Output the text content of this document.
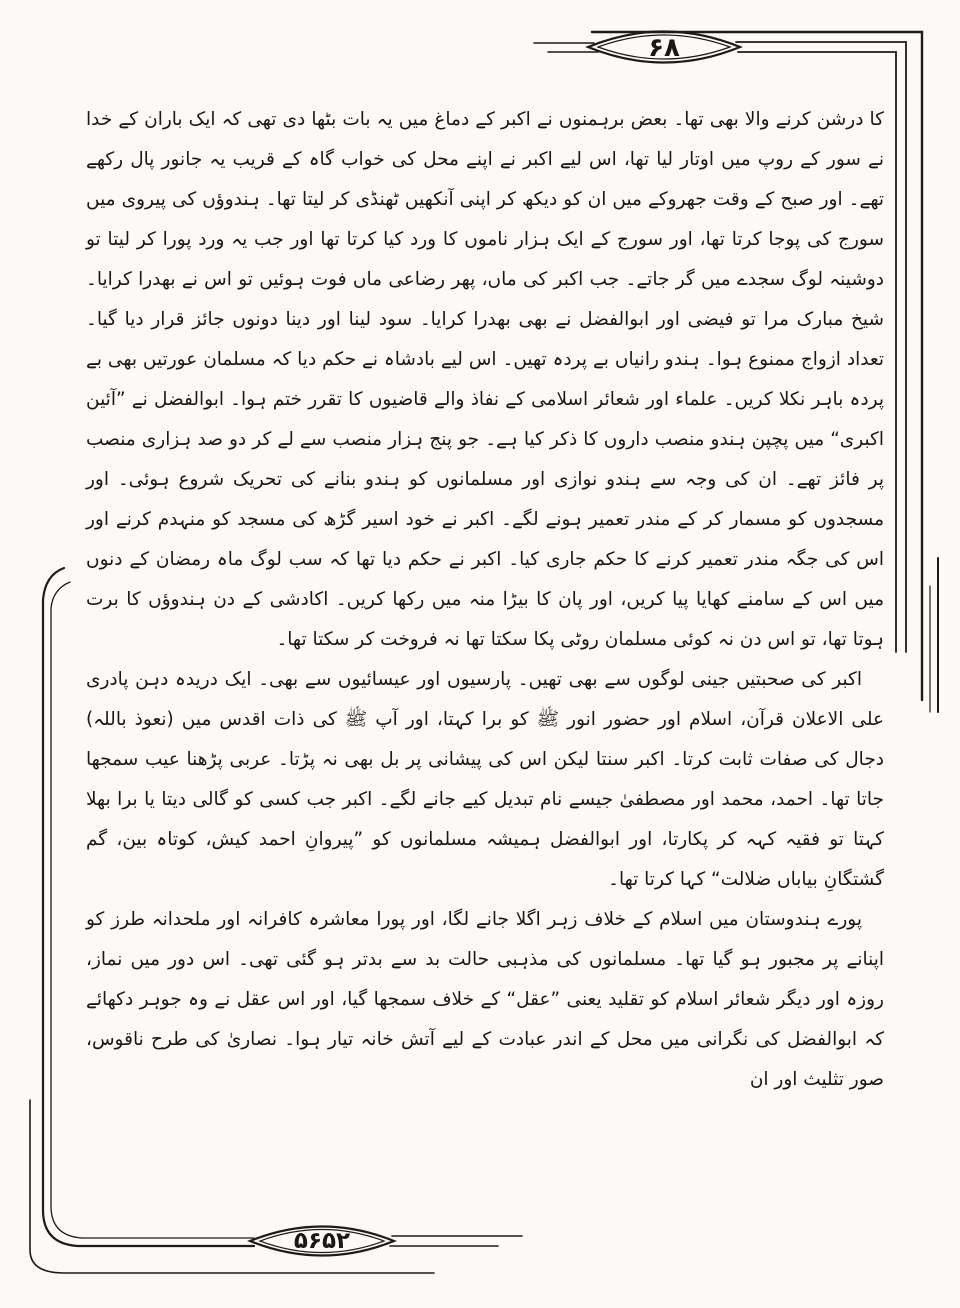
۶۸

کا درشن کرنے والا بھی تھا۔ بعض برہمنوں نے اکبر کے دماغ میں یہ بات بٹھا دی تھی کہ ایک باران کے خدا نے سور کے روپ میں اوتار لیا تھا، اس لیے اکبر نے اپنے محل کی خواب گاہ کے قریب یہ جانور پال رکھے تھے۔ اور صبح کے وقت جھروکے میں ان کو دیکھ کر اپنی آنکھیں ٹھنڈی کر لیتا تھا۔ ہندوؤں کی پیروی میں سورج کی پوجا کرتا تھا، اور سورج کے ایک ہزار ناموں کا ورد کیا کرتا تھا اور جب یہ ورد پورا کر لیتا تو دوشینہ لوگ سجدے میں گر جاتے۔ جب اکبر کی ماں، پھر رضاعی ماں فوت ہوئیں تو اس نے بھدرا کرایا۔ شیخ مبارک مرا تو فیضی اور ابوالفضل نے بھی بھدرا کرایا۔ سود لینا اور دینا دونوں جائز قرار دیا گیا۔ تعداد ازواج ممنوع ہوا۔ ہندو رانیاں بے پردہ تھیں۔ اس لیے بادشاہ نے حکم دیا کہ مسلمان عورتیں بھی بے پردہ باہر نکلا کریں۔ علماء اور شعائر اسلامی کے نفاذ والے قاضیوں کا تقرر ختم ہوا۔ ابوالفضل نے ”آئین اکبری“ میں پچپن ہندو منصب داروں کا ذکر کیا ہے۔ جو پنج ہزار منصب سے لے کر دو صد ہزاری منصب پر فائز تھے۔ ان کی وجہ سے ہندو نوازی اور مسلمانوں کو ہندو بنانے کی تحریک شروع ہوئی۔ اور مسجدوں کو مسمار کر کے مندر تعمیر ہونے لگے۔ اکبر نے خود اسیر گڑھ کی مسجد کو منہدم کرنے اور اس کی جگہ مندر تعمیر کرنے کا حکم جاری کیا۔ اکبر نے حکم دیا تھا کہ سب لوگ ماہ رمضان کے دنوں میں اس کے سامنے کھایا پیا کریں، اور پان کا بیڑا منہ میں رکھا کریں۔ اکادشی کے دن ہندوؤں کا برت ہوتا تھا، تو اس دن نہ کوئی مسلمان روٹی پکا سکتا تھا نہ فروخت کر سکتا تھا۔

اکبر کی صحبتیں جینی لوگوں سے بھی تھیں۔ پارسیوں اور عیسائیوں سے بھی۔ ایک دریدہ دہن پادری علی الاعلان قرآن، اسلام اور حضور انور ﷺ کو برا کہتا، اور آپ ﷺ کی ذات اقدس میں (نعوذ باللہ) دجال کی صفات ثابت کرتا۔ اکبر سنتا لیکن اس کی پیشانی پر بل بھی نہ پڑتا۔ عربی پڑھنا عیب سمجھا جاتا تھا۔ احمد، محمد اور مصطفیٰ جیسے نام تبدیل کیے جانے لگے۔ اکبر جب کسی کو گالی دیتا یا برا بھلا کہتا تو فقیہ کہہ کر پکارتا، اور ابوالفضل ہمیشہ مسلمانوں کو ”پیروانِ احمد کیش، کوتاہ بین، گم گشتگانِ بیاباں ضلالت“ کہا کرتا تھا۔

پورے ہندوستان میں اسلام کے خلاف زہر اگلا جانے لگا، اور پورا معاشرہ کافرانہ اور ملحدانہ طرز کو اپنانے پر مجبور ہو گیا تھا۔ مسلمانوں کی مذہبی حالت بد سے بدتر ہو گئی تھی۔ اس دور میں نماز، روزہ اور دیگر شعائر اسلام کو تقلید یعنی ”عقل“ کے خلاف سمجھا گیا، اور اس عقل نے وہ جوہر دکھائے کہ ابوالفضل کی نگرانی میں محل کے اندر عبادت کے لیے آتش خانہ تیار ہوا۔ نصاریٰ کی طرح ناقوس، صور تثلیث اور ان

۵۶۵۲
